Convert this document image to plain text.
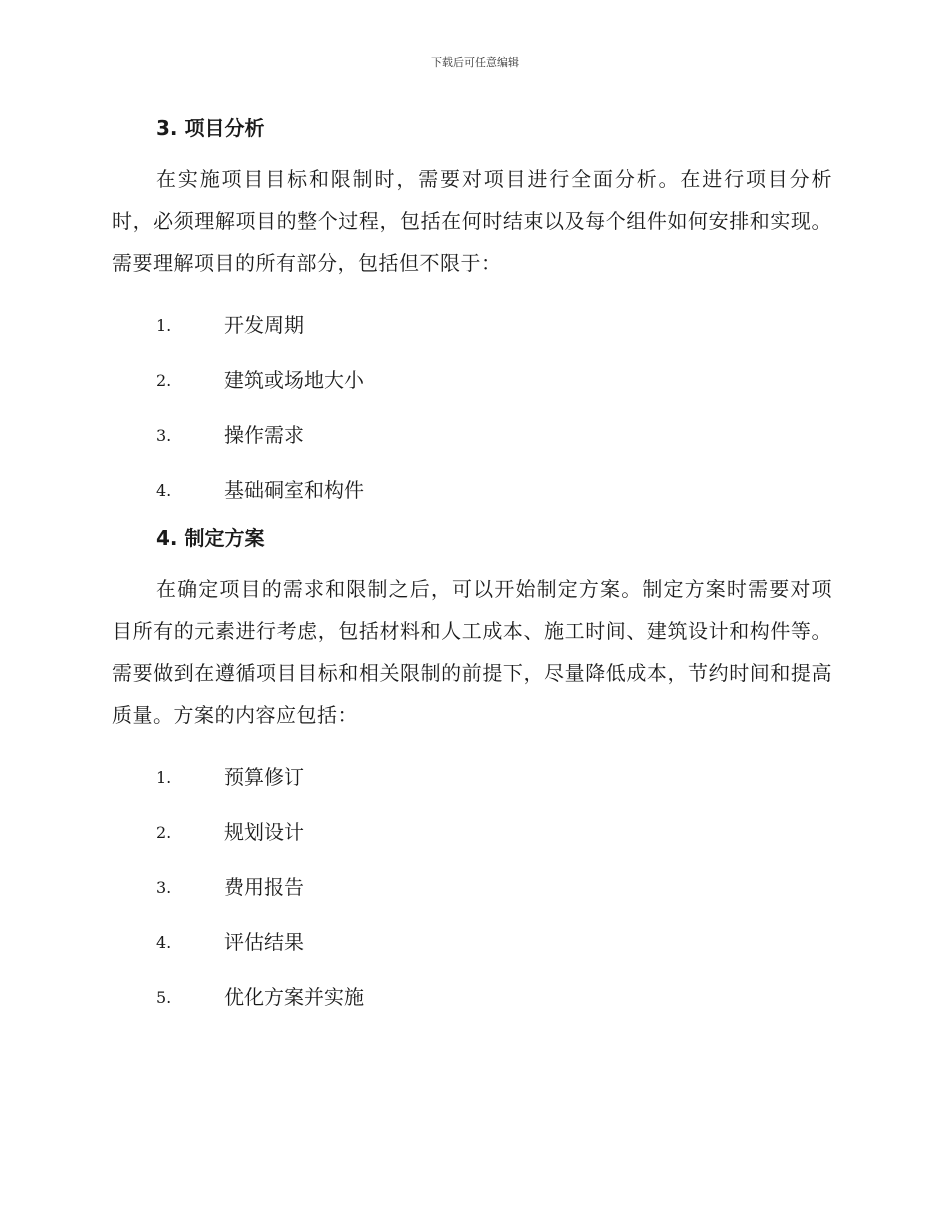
下载后可任意编辑
3. 项目分析

在实施项目目标和限制时，需要对项目进行全面分析。在进行项目分析时，必须理解项目的整个过程，包括在何时结束以及每个组件如何安排和实现。需要理解项目的所有部分，包括但不限于：

1.	开发周期
2.	建筑或场地大小
3.	操作需求
4.	基础硐室和构件
4. 制定方案

在确定项目的需求和限制之后，可以开始制定方案。制定方案时需要对项目所有的元素进行考虑，包括材料和人工成本、施工时间、建筑设计和构件等。需要做到在遵循项目目标和相关限制的前提下，尽量降低成本，节约时间和提高质量。方案的内容应包括：

1.	预算修订
2.	规划设计
3.	费用报告
4.	评估结果
5.	优化方案并实施
